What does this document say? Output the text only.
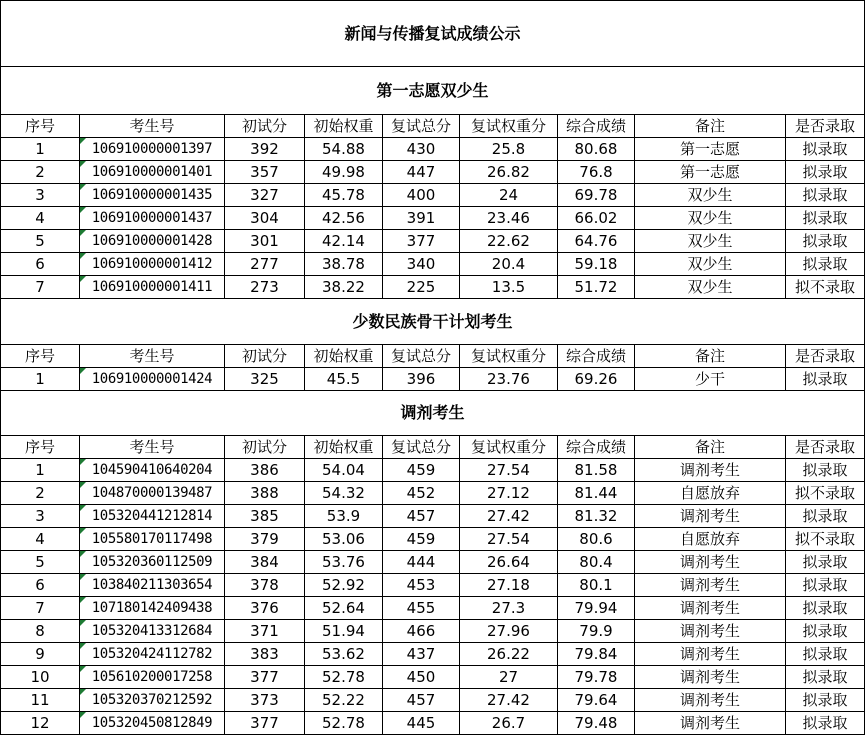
新闻与传播复试成绩公示								
第一志愿双少生								
序号	考生号	初试分	初始权重	复试总分	复试权重分	综合成绩	备注	是否录取
1	106910000001397	392	54.88	430	25.8	80.68	第一志愿	拟录取
2	106910000001401	357	49.98	447	26.82	76.8	第一志愿	拟录取
3	106910000001435	327	45.78	400	24	69.78	双少生	拟录取
4	106910000001437	304	42.56	391	23.46	66.02	双少生	拟录取
5	106910000001428	301	42.14	377	22.62	64.76	双少生	拟录取
6	106910000001412	277	38.78	340	20.4	59.18	双少生	拟录取
7	106910000001411	273	38.22	225	13.5	51.72	双少生	拟不录取
少数民族骨干计划考生								
序号	考生号	初试分	初始权重	复试总分	复试权重分	综合成绩	备注	是否录取
1	106910000001424	325	45.5	396	23.76	69.26	少干	拟录取
调剂考生								
序号	考生号	初试分	初始权重	复试总分	复试权重分	综合成绩	备注	是否录取
1	104590410640204	386	54.04	459	27.54	81.58	调剂考生	拟录取
2	104870000139487	388	54.32	452	27.12	81.44	自愿放弃	拟不录取
3	105320441212814	385	53.9	457	27.42	81.32	调剂考生	拟录取
4	105580170117498	379	53.06	459	27.54	80.6	自愿放弃	拟不录取
5	105320360112509	384	53.76	444	26.64	80.4	调剂考生	拟录取
6	103840211303654	378	52.92	453	27.18	80.1	调剂考生	拟录取
7	107180142409438	376	52.64	455	27.3	79.94	调剂考生	拟录取
8	105320413312684	371	51.94	466	27.96	79.9	调剂考生	拟录取
9	105320424112782	383	53.62	437	26.22	79.84	调剂考生	拟录取
10	105610200017258	377	52.78	450	27	79.78	调剂考生	拟录取
11	105320370212592	373	52.22	457	27.42	79.64	调剂考生	拟录取
12	105320450812849	377	52.78	445	26.7	79.48	调剂考生	拟录取
